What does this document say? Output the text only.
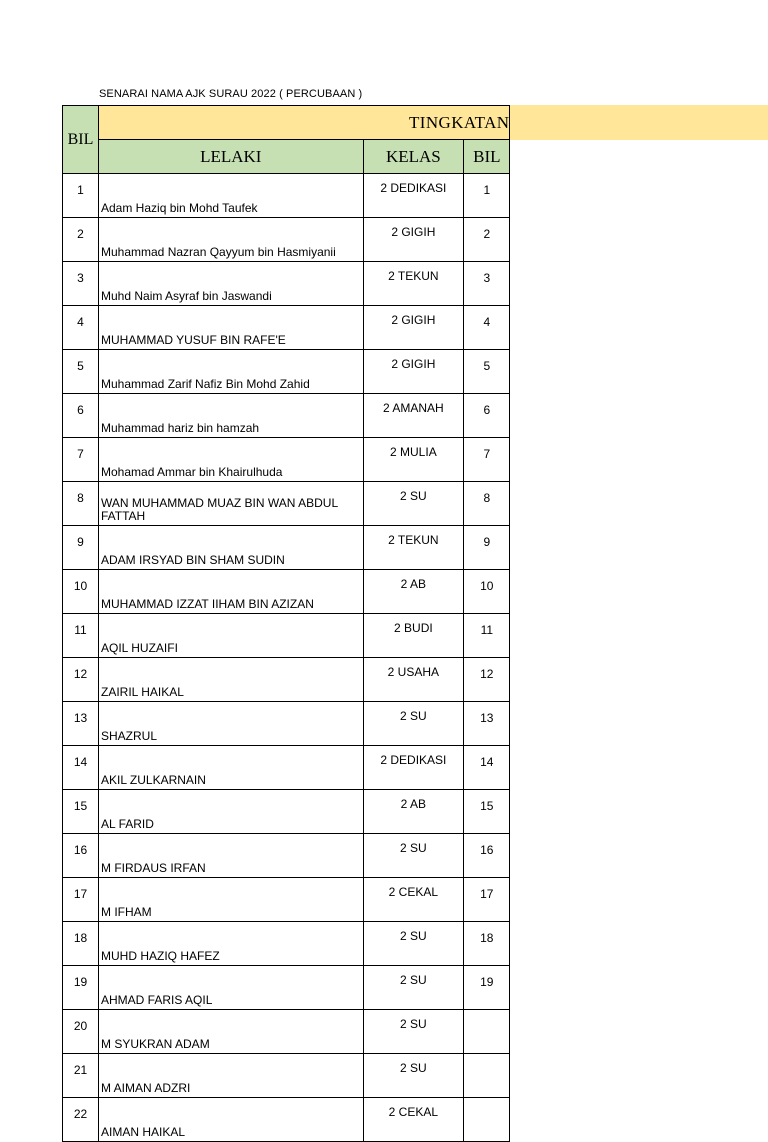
SENARAI NAMA AJK SURAU 2022 ( PERCUBAAN )
BIL	TINGKATAN		
	LELAKI	KELAS	BIL
1	Adam Haziq bin Mohd Taufek	2 DEDIKASI	1
2	Muhammad Nazran Qayyum bin Hasmiyanii	2 GIGIH	2
3	Muhd Naim Asyraf bin Jaswandi	2 TEKUN	3
4	MUHAMMAD YUSUF BIN RAFE'E	2 GIGIH	4
5	Muhammad Zarif Nafiz Bin Mohd Zahid	2 GIGIH	5
6	Muhammad hariz bin hamzah	2 AMANAH	6
7	Mohamad Ammar bin Khairulhuda	2 MULIA	7
8	WAN MUHAMMAD MUAZ BIN WAN ABDUL FATTAH	2 SU	8
9	ADAM IRSYAD BIN SHAM SUDIN	2 TEKUN	9
10	MUHAMMAD IZZAT IIHAM BIN AZIZAN	2 AB	10
11	AQIL HUZAIFI	2 BUDI	11
12	ZAIRIL HAIKAL	2 USAHA	12
13	SHAZRUL	2 SU	13
14	AKIL ZULKARNAIN	2 DEDIKASI	14
15	AL FARID	2 AB	15
16	M FIRDAUS IRFAN	2 SU	16
17	M IFHAM	2 CEKAL	17
18	MUHD HAZIQ HAFEZ	2 SU	18
19	AHMAD FARIS AQIL	2 SU	19
20	M SYUKRAN ADAM	2 SU	
21	M AIMAN ADZRI	2 SU	
22	AIMAN HAIKAL	2 CEKAL	
